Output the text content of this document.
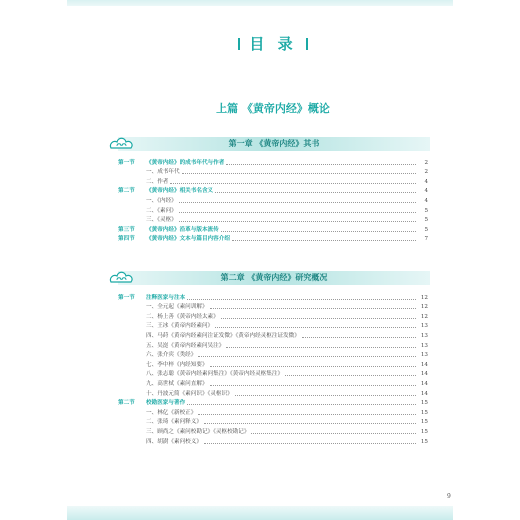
目 录
上篇 《黄帝内经》概论
第一章 《黄帝内经》其书
第一节	《黄帝内经》的成书年代与作者	2
一、成书年代	2
二、作者	4
第二节	《黄帝内经》相关书名含义	4
一、《内经》	4
二、《素问》	5
三、《灵枢》	5
第三节	《黄帝内经》沿革与版本流传	5
第四节	《黄帝内经》文本与篇目内容介绍	7
第二章 《黄帝内经》研究概况
第一节	注释医家与注本	12
一、全元起《素问训解》	12
二、杨上善《黄帝内经太素》	12
三、王冰《黄帝内经素问》	13
四、马莳《黄帝内经素问注证发微》《黄帝内经灵枢注证发微》	13
五、吴崑《黄帝内经素问吴注》	13
六、张介宾《类经》	13
七、李中梓《内经知要》	14
八、张志聪《黄帝内经素问集注》《黄帝内经灵枢集注》	14
九、高世栻《素问直解》	14
十、丹波元简《素问识》《灵枢识》	14
第二节	校勘医家与著作	15
一、林亿《新校正》	15
二、张琦《素问释义》	15
三、顾尚之《素问校勘记》《灵枢校勘记》	15
四、胡澍《素问校义》	15
9
